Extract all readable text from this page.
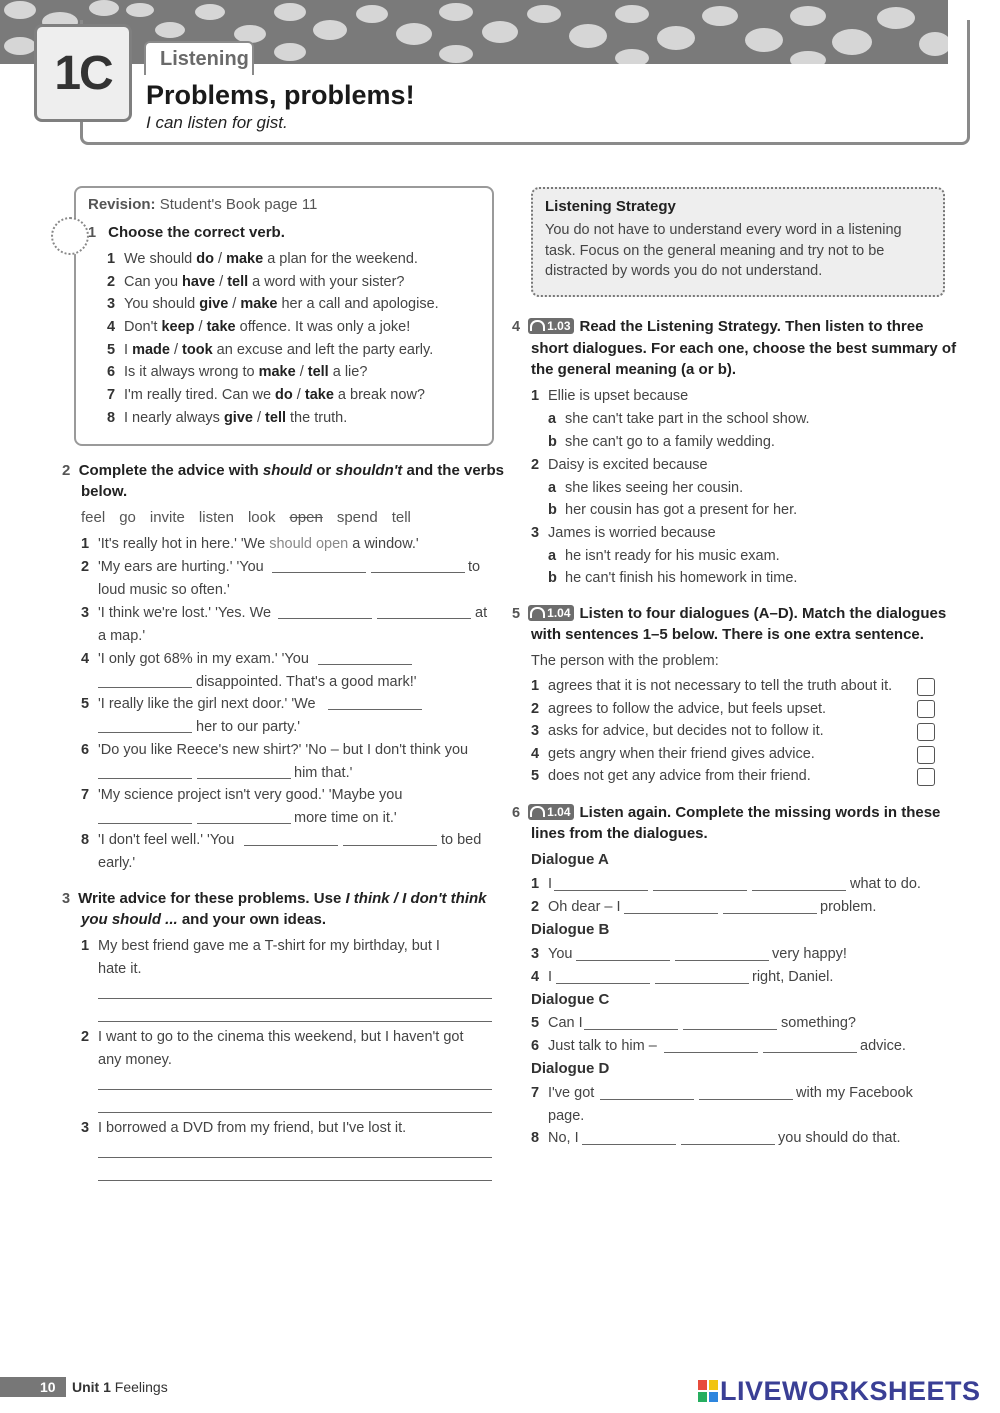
1C	Listening
Problems, problems!
I can listen for gist.
Revision: Student's Book page 11
1 Choose the correct verb.
1 We should do / make a plan for the weekend.
2 Can you have / tell a word with your sister?
3 You should give / make her a call and apologise.
4 Don't keep / take offence. It was only a joke!
5 I made / took an excuse and left the party early.
6 Is it always wrong to make / tell a lie?
7 I'm really tired. Can we do / take a break now?
8 I nearly always give / tell the truth.
2 Complete the advice with should or shouldn't and the verbs
below.
feel go invite listen look open spend tell
1 'It's really hot in here.' 'We should open a window.'
2 'My ears are hurting.' 'You	to
loud music so often.'
3 'I think we're lost.' 'Yes. We	at
a map.'
4 'I only got 68% in my exam.' 'You
disappointed. That's a good mark!'
5 'I really like the girl next door.' 'We
her to our party.'
6 'Do you like Reece's new shirt?' 'No – but I don't think you
him that.'
7 'My science project isn't very good.' 'Maybe you
more time on it.'
8 'I don't feel well.' 'You	to bed
early.'
3 Write advice for these problems. Use I think / I don't think
you should ... and your own ideas.
1 My best friend gave me a T-shirt for my birthday, but I
hate it.
2 I want to go to the cinema this weekend, but I haven't got
any money.
3 I borrowed a DVD from my friend, but I've lost it.
Listening Strategy
You do not have to understand every word in a listening task. Focus on the general meaning and try not to be distracted by words you do not understand.
4 1.03 Read the Listening Strategy. Then listen to three
short dialogues. For each one, choose the best summary of
the general meaning (a or b).
1 Ellie is upset because
a she can't take part in the school show.
b she can't go to a family wedding.
2 Daisy is excited because
a she likes seeing her cousin.
b her cousin has got a present for her.
3 James is worried because
a he isn't ready for his music exam.
b he can't finish his homework in time.
5 1.04 Listen to four dialogues (A–D). Match the dialogues
with sentences 1–5 below. There is one extra sentence.
The person with the problem:
1 agrees that it is not necessary to tell the truth about it.
2 agrees to follow the advice, but feels upset.
3 asks for advice, but decides not to follow it.
4 gets angry when their friend gives advice.
5 does not get any advice from their friend.
6 1.04 Listen again. Complete the missing words in these
lines from the dialogues.
Dialogue A
1 I	what to do.
2 Oh dear – I	problem.
Dialogue B
3 You	very happy!
4 I	right, Daniel.
Dialogue C
5 Can I	something?
6 Just talk to him –	advice.
Dialogue D
7 I've got	with my Facebook
page.
8 No, I	you should do that.
10 Unit 1 Feelings	LIVEWORKSHEETS
